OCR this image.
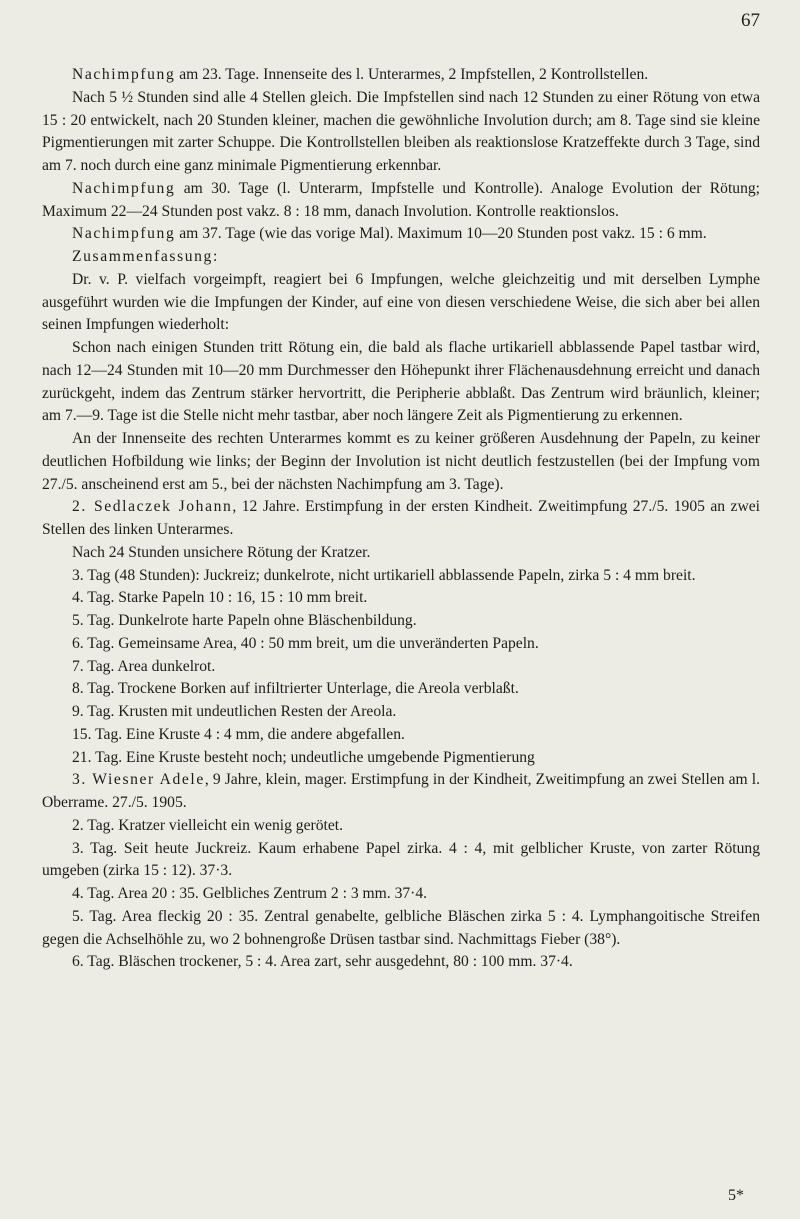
67

Nachimpfung am 23. Tage. Innenseite des l. Unterarmes, 2 Impfstellen, 2 Kontrollstellen.

Nach 5 ½ Stunden sind alle 4 Stellen gleich. Die Impfstellen sind nach 12 Stunden zu einer Rötung von etwa 15 : 20 entwickelt, nach 20 Stunden kleiner, machen die gewöhnliche Involution durch; am 8. Tage sind sie kleine Pigmentierungen mit zarter Schuppe. Die Kontrollstellen bleiben als reaktionslose Kratzeffekte durch 3 Tage, sind am 7. noch durch eine ganz minimale Pigmentierung erkennbar.

Nachimpfung am 30. Tage (l. Unterarm, Impfstelle und Kontrolle). Analoge Evolution der Rötung; Maximum 22—24 Stunden post vakz. 8 : 18 mm, danach Involution. Kontrolle reaktionslos.

Nachimpfung am 37. Tage (wie das vorige Mal). Maximum 10—20 Stunden post vakz. 15 : 6 mm.

Zusammenfassung:

Dr. v. P. vielfach vorgeimpft, reagiert bei 6 Impfungen, welche gleichzeitig und mit derselben Lymphe ausgeführt wurden wie die Impfungen der Kinder, auf eine von diesen verschiedene Weise, die sich aber bei allen seinen Impfungen wiederholt:

Schon nach einigen Stunden tritt Rötung ein, die bald als flache urtikariell abblassende Papel tastbar wird, nach 12—24 Stunden mit 10—20 mm Durchmesser den Höhepunkt ihrer Flächenausdehnung erreicht und danach zurückgeht, indem das Zentrum stärker hervortritt, die Peripherie abblaßt. Das Zentrum wird bräunlich, kleiner; am 7.—9. Tage ist die Stelle nicht mehr tastbar, aber noch längere Zeit als Pigmentierung zu erkennen.

An der Innenseite des rechten Unterarmes kommt es zu keiner größeren Ausdehnung der Papeln, zu keiner deutlichen Hofbildung wie links; der Beginn der Involution ist nicht deutlich festzustellen (bei der Impfung vom 27./5. anscheinend erst am 5., bei der nächsten Nachimpfung am 3. Tage).

2. Sedlaczek Johann, 12 Jahre. Erstimpfung in der ersten Kindheit. Zweitimpfung 27./5. 1905 an zwei Stellen des linken Unterarmes.

Nach 24 Stunden unsichere Rötung der Kratzer.

3. Tag (48 Stunden): Juckreiz; dunkelrote, nicht urtikariell abblassende Papeln, zirka 5 : 4 mm breit.

4. Tag. Starke Papeln 10 : 16, 15 : 10 mm breit.

5. Tag. Dunkelrote harte Papeln ohne Bläschenbildung.

6. Tag. Gemeinsame Area, 40 : 50 mm breit, um die unveränderten Papeln.

7. Tag. Area dunkelrot.

8. Tag. Trockene Borken auf infiltrierter Unterlage, die Areola verblaßt.

9. Tag. Krusten mit undeutlichen Resten der Areola.

15. Tag. Eine Kruste 4 : 4 mm, die andere abgefallen.

21. Tag. Eine Kruste besteht noch; undeutliche umgebende Pigmentierung

3. Wiesner Adele, 9 Jahre, klein, mager. Erstimpfung in der Kindheit, Zweitimpfung an zwei Stellen am l. Oberrame. 27./5. 1905.

2. Tag. Kratzer vielleicht ein wenig gerötet.

3. Tag. Seit heute Juckreiz. Kaum erhabene Papel zirka. 4 : 4, mit gelblicher Kruste, von zarter Rötung umgeben (zirka 15 : 12). 37·3.

4. Tag. Area 20 : 35. Gelbliches Zentrum 2 : 3 mm. 37·4.

5. Tag. Area fleckig 20 : 35. Zentral genabelte, gelbliche Bläschen zirka 5 : 4. Lymphangoitische Streifen gegen die Achselhöhle zu, wo 2 bohnengroße Drüsen tastbar sind. Nachmittags Fieber (38°).

6. Tag. Bläschen trockener, 5 : 4. Area zart, sehr ausgedehnt, 80 : 100 mm. 37·4.

5*
